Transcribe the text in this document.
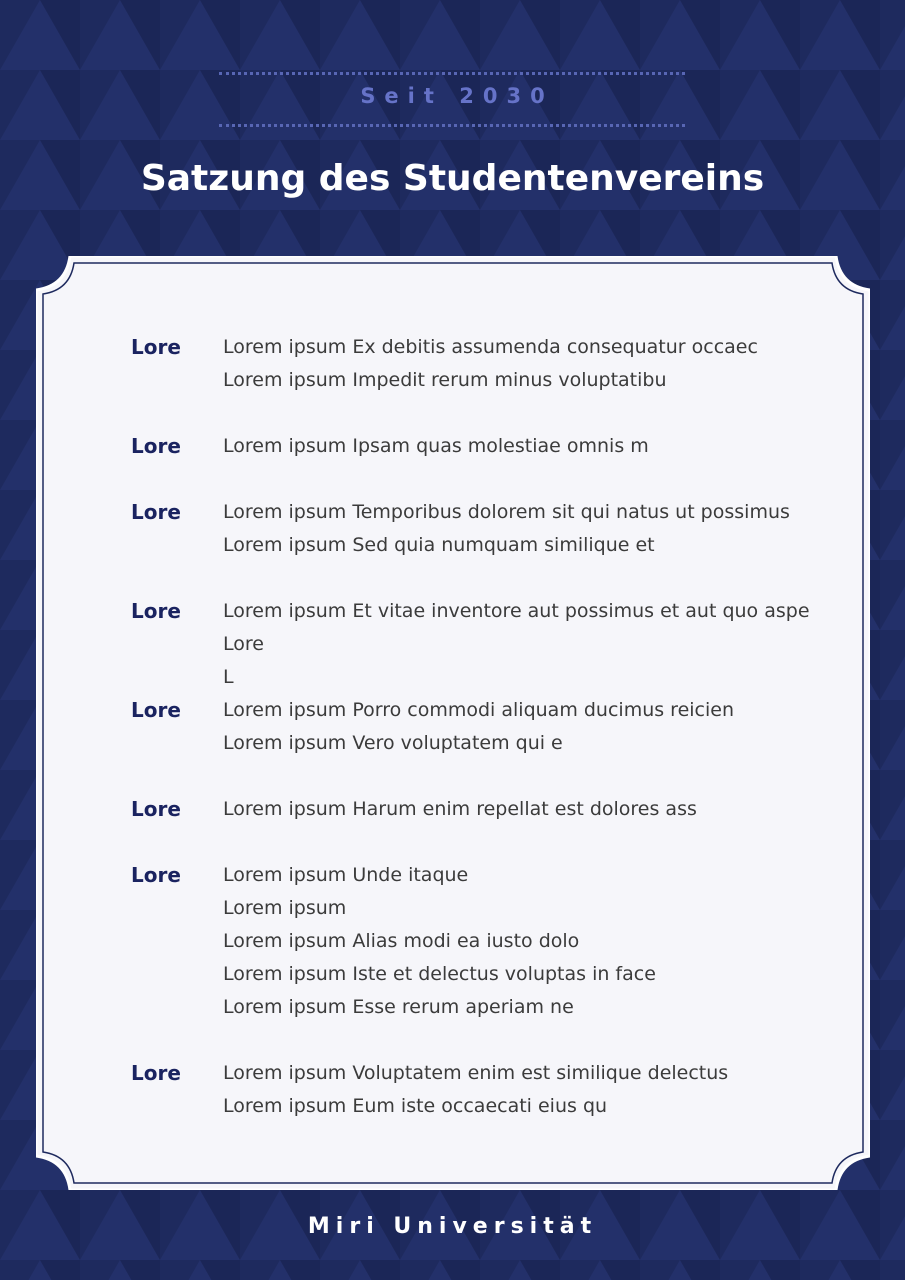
Seit 2030
Satzung des Studentenvereins
Lore	Lorem ipsum Ex debitis assumenda consequatur occaec
Lorem ipsum Impedit rerum minus voluptatibu
Lore	Lorem ipsum Ipsam quas molestiae omnis m
Lore	Lorem ipsum Temporibus dolorem sit qui natus ut possimus
Lorem ipsum Sed quia numquam similique et
Lore	Lorem ipsum Et vitae inventore aut possimus et aut quo aspe
Lore
L
Lore	Lorem ipsum Porro commodi aliquam ducimus reicien
Lorem ipsum Vero voluptatem qui e
Lore	Lorem ipsum Harum enim repellat est dolores ass
Lore	Lorem ipsum Unde itaque
Lorem ipsum
Lorem ipsum Alias modi ea iusto dolo
Lorem ipsum Iste et delectus voluptas in face
Lorem ipsum Esse rerum aperiam ne
Lore	Lorem ipsum Voluptatem enim est similique delectus
Lorem ipsum Eum iste occaecati eius qu
Miri Universität
